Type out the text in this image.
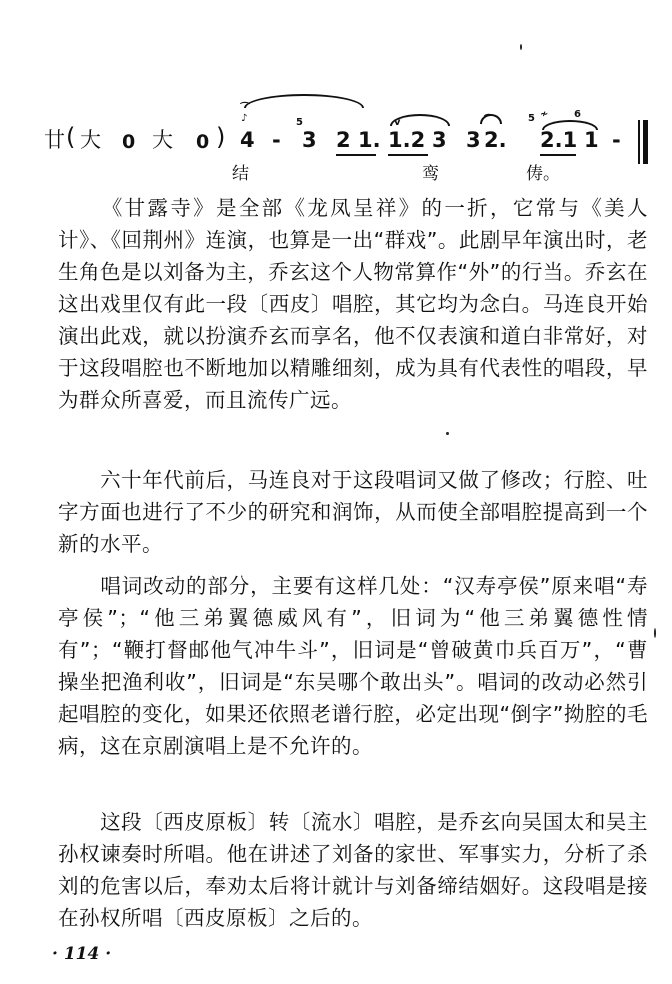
廿 ( 大 0 大 0 )
⌒
♪
4 -
5
3 2 1.
v
1.2 3 3
⌒
2.
5 ≁
2.1
6
1 -
结	鸾	俦。

《甘露寺》是全部《龙凤呈祥》的一折，它常与《美人计》、《回荆州》连演，也算是一出“群戏”。此剧早年演出时，老生角色是以刘备为主，乔玄这个人物常算作“外”的行当。乔玄在这出戏里仅有此一段〔西皮〕唱腔，其它均为念白。马连良开始演出此戏，就以扮演乔玄而享名，他不仅表演和道白非常好，对于这段唱腔也不断地加以精雕细刻，成为具有代表性的唱段，早为群众所喜爱，而且流传广远。

六十年代前后，马连良对于这段唱词又做了修改；行腔、吐字方面也进行了不少的研究和润饰，从而使全部唱腔提高到一个新的水平。

唱词改动的部分，主要有这样几处：“汉寿亭侯”原来唱“寿亭侯”；“他三弟翼德威风有”，旧词为“他三弟翼德性情有”；“鞭打督邮他气冲牛斗”，旧词是“曾破黄巾兵百万”，“曹操坐把渔利收”，旧词是“东吴哪个敢出头”。唱词的改动必然引起唱腔的变化，如果还依照老谱行腔，必定出现“倒字”拗腔的毛病，这在京剧演唱上是不允许的。

这段〔西皮原板〕转〔流水〕唱腔，是乔玄向吴国太和吴主孙权谏奏时所唱。他在讲述了刘备的家世、军事实力，分析了杀刘的危害以后，奉劝太后将计就计与刘备缔结姻好。这段唱是接在孙权所唱〔西皮原板〕之后的。

· 114 ·
